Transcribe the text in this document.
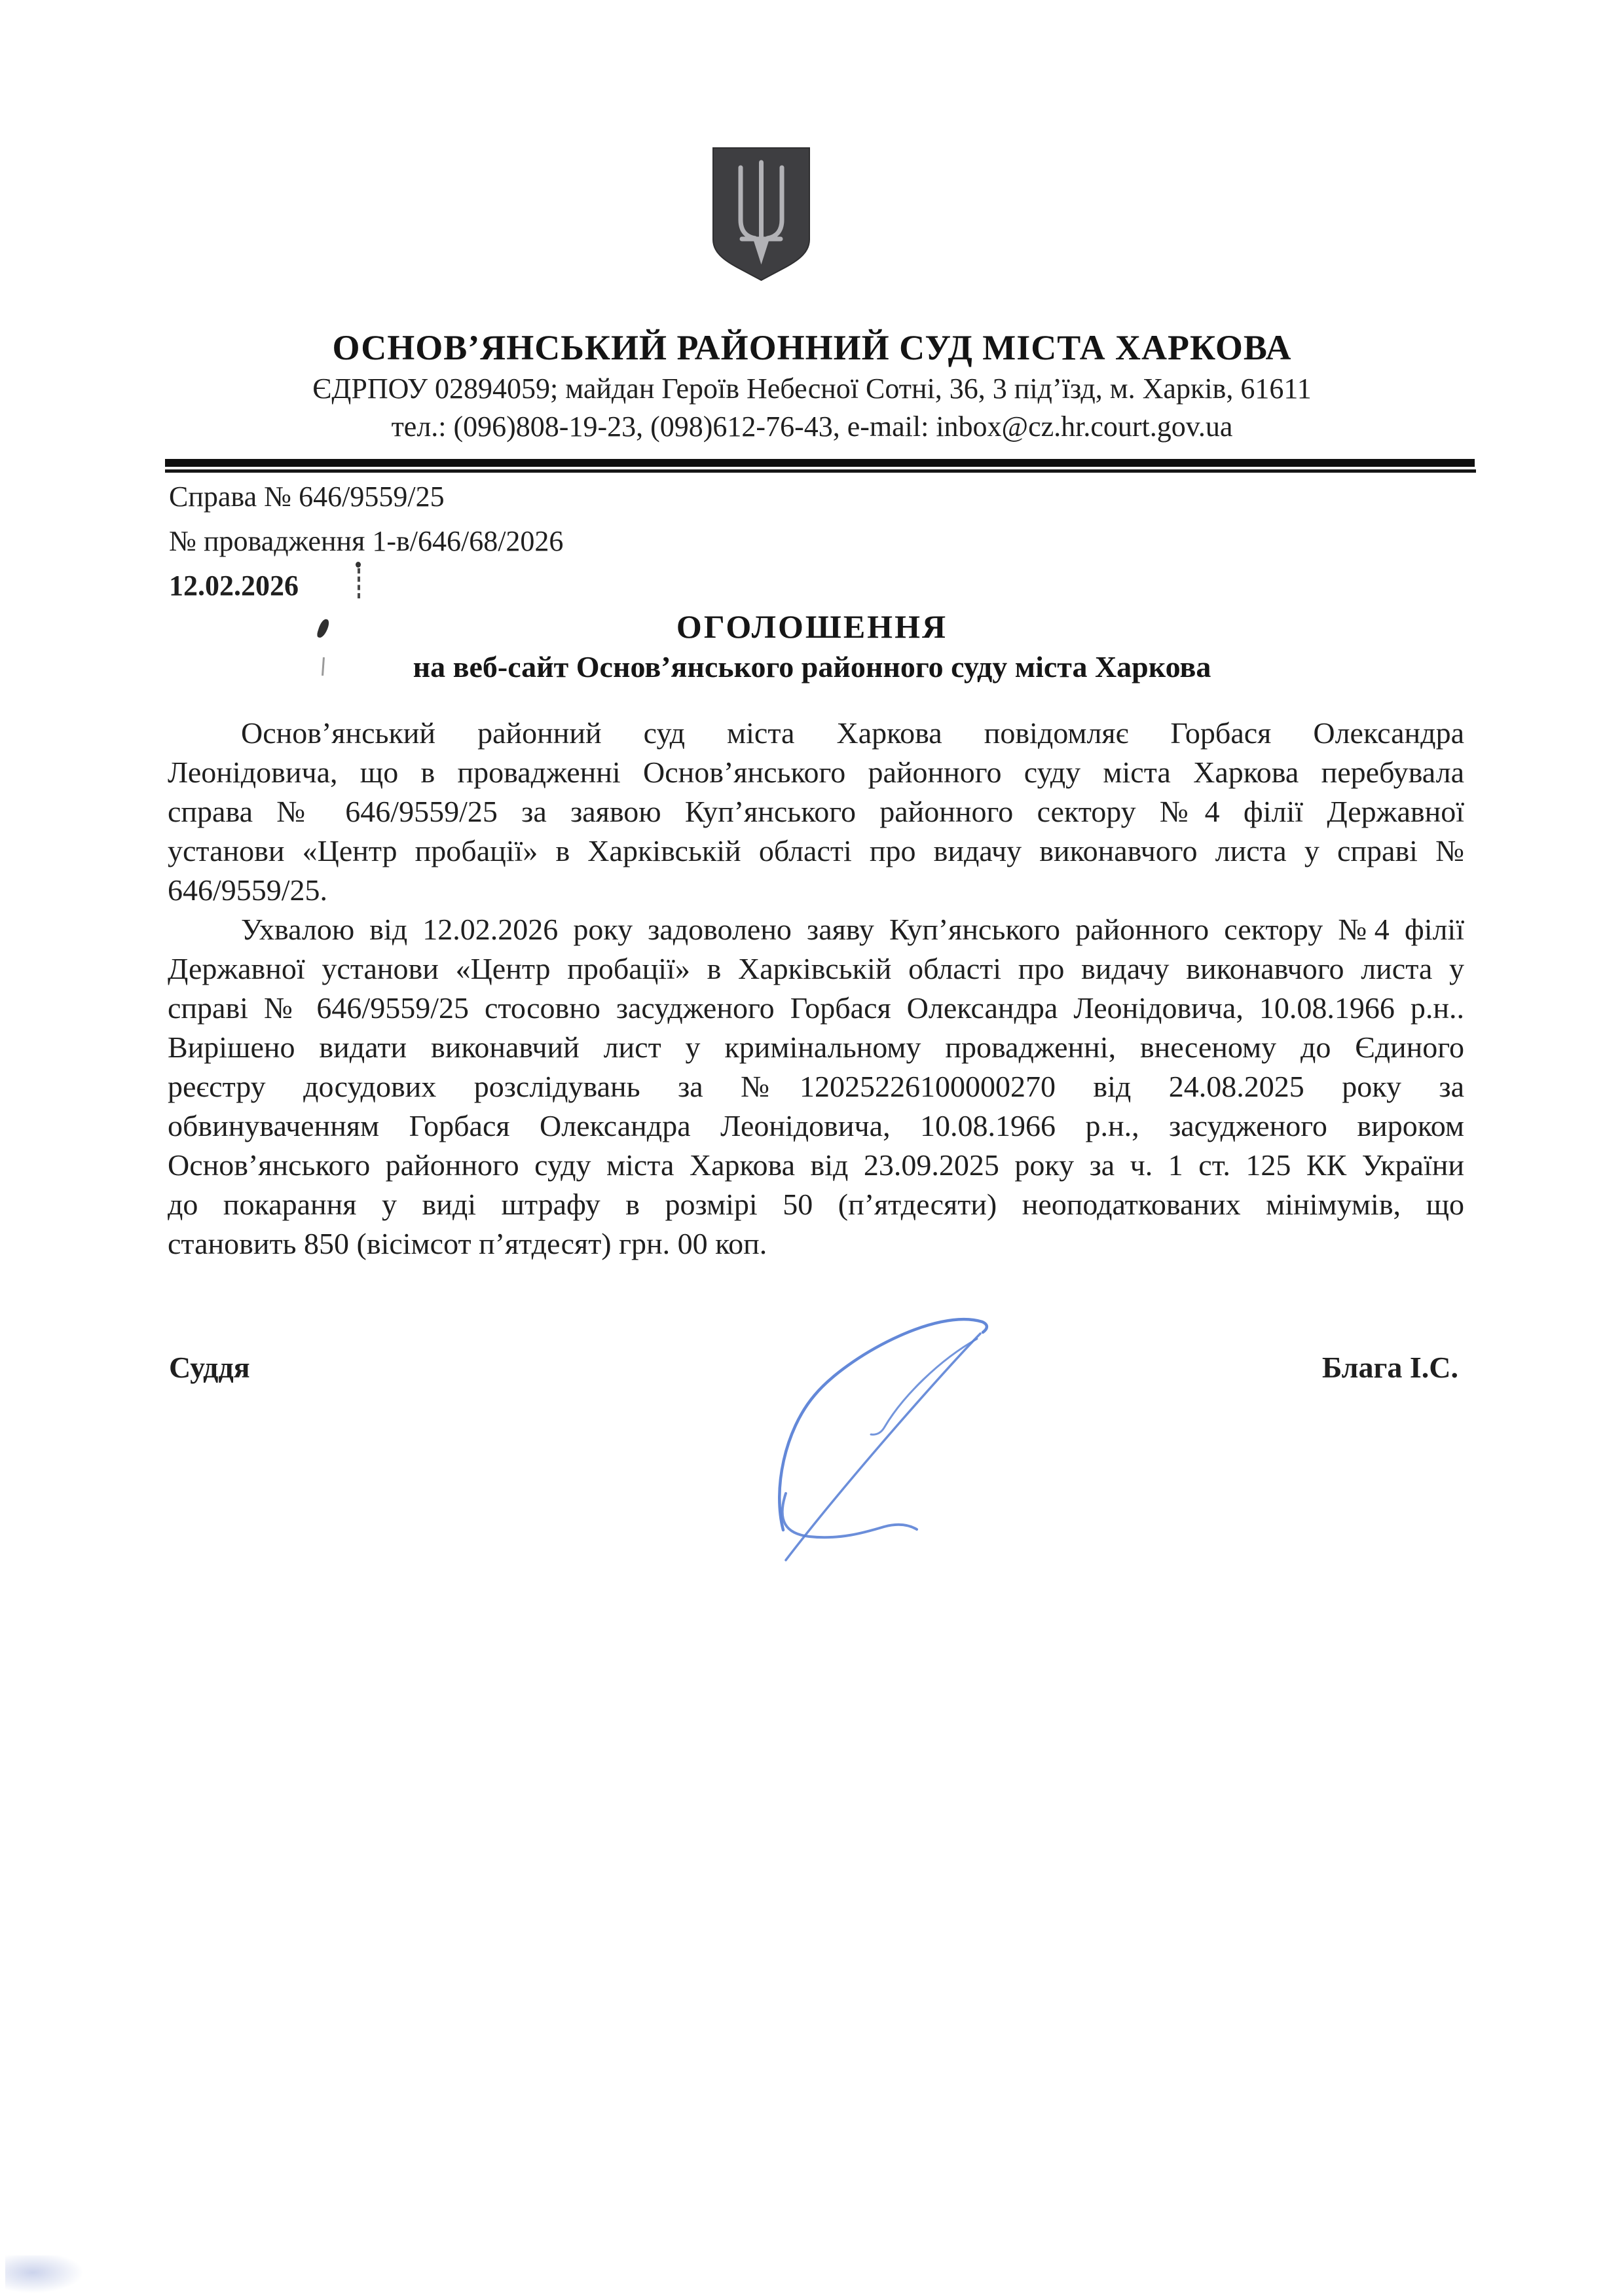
ОСНОВ’ЯНСЬКИЙ РАЙОННИЙ СУД МІСТА ХАРКОВА
ЄДРПОУ 02894059; майдан Героїв Небесної Сотні, 36, 3 під’їзд, м. Харків, 61611
тел.: (096)808-19-23, (098)612-76-43, e-mail: inbox@cz.hr.court.gov.ua
Справа № 646/9559/25
№ провадження 1-в/646/68/2026
12.02.2026
ОГОЛОШЕННЯ
на веб-сайт Основ’янського районного суду міста Харкова
Основ’янський районний суд міста Харкова повідомляє Горбася Олександра
Леонідовича, що в провадженні Основ’янського районного суду міста Харкова перебувала
справа № 646/9559/25 за заявою Куп’янського районного сектору №4 філії Державної
установи «Центр пробації» в Харківській області про видачу виконавчого листа у справі №
646/9559/25.
Ухвалою від 12.02.2026 року задоволено заяву Куп’янського районного сектору №4 філії
Державної установи «Центр пробації» в Харківській області про видачу виконавчого листа у
справі № 646/9559/25 стосовно засудженого Горбася Олександра Леонідовича, 10.08.1966 р.н..
Вирішено видати виконавчий лист у кримінальному провадженні, внесеному до Єдиного
реєстру досудових розслідувань за №12025226100000270 від 24.08.2025 року за
обвинуваченням Горбася Олександра Леонідовича, 10.08.1966 р.н., засудженого вироком
Основ’янського районного суду міста Харкова від 23.09.2025 року за ч. 1 ст. 125 КК України
до покарання у виді штрафу в розмірі 50 (п’ятдесяти) неоподаткованих мінімумів, що
становить 850 (вісімсот п’ятдесят) грн. 00 коп.
Суддя	Блага І.С.
